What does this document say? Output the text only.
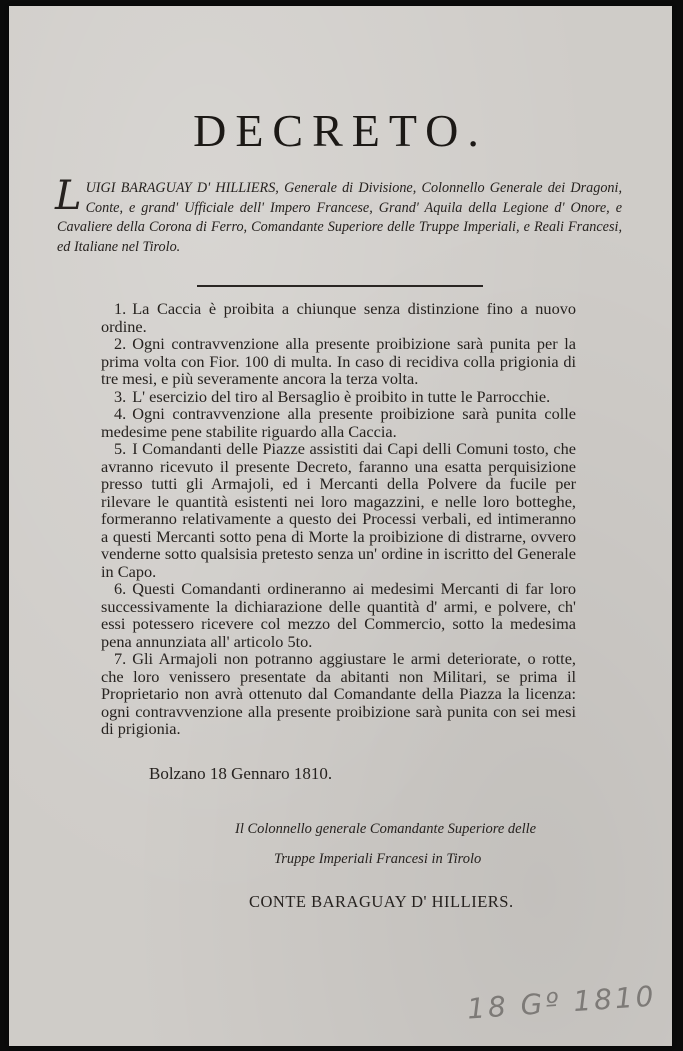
DECRETO.
LUIGI BARAGUAY D' HILLIERS, Generale di Divisione, Colonnello Generale dei Dragoni, Conte, e grand' Ufficiale dell' Impero Francese, Grand' Aquila della Legione d' Onore, e Cavaliere della Corona di Ferro, Comandante Superiore delle Truppe Imperiali, e Reali Francesi, ed Italiane nel Tirolo.

1. La Caccia è proibita a chiunque senza distinzione fino a nuovo ordine.

2. Ogni contravvenzione alla presente proibizione sarà punita per la prima volta con Fior. 100 di multa. In caso di recidiva colla prigionia di tre mesi, e più severamente ancora la terza volta.

3. L' esercizio del tiro al Bersaglio è proibito in tutte le Parrocchie.

4. Ogni contravvenzione alla presente proibizione sarà punita colle medesime pene stabilite riguardo alla Caccia.

5. I Comandanti delle Piazze assistiti dai Capi delli Comuni tosto, che avranno ricevuto il presente Decreto, faranno una esatta perquisizione presso tutti gli Armajoli, ed i Mercanti della Polvere da fucile per rilevare le quantità esistenti nei loro magazzini, e nelle loro botteghe, formeranno relativamente a questo dei Processi verbali, ed intimeranno a questi Mercanti sotto pena di Morte la proibizione di distrarne, ovvero venderne sotto qualsisia pretesto senza un' ordine in iscritto del Generale in Capo.

6. Questi Comandanti ordineranno ai medesimi Mercanti di far loro successivamente la dichiarazione delle quantità d' armi, e polvere, ch' essi potessero ricevere col mezzo del Commercio, sotto la medesima pena annunziata all' articolo 5to.

7. Gli Armajoli non potranno aggiustare le armi deteriorate, o rotte, che loro venissero presentate da abitanti non Militari, se prima il Proprietario non avrà ottenuto dal Comandante della Piazza la licenza: ogni contravvenzione alla presente proibizione sarà punita con sei mesi di prigionia.

Bolzano 18 Gennaro 1810.
Il Colonnello generale Comandante Superiore delle
Truppe Imperiali Francesi in Tirolo
CONTE BARAGUAY D' HILLIERS.
18 Gº 1810
